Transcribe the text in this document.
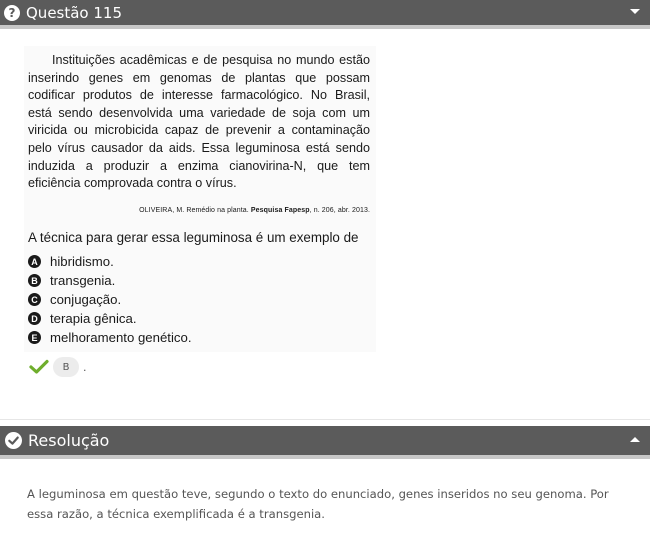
? Questão 115
Instituições acadêmicas e de pesquisa no mundo estão inserindo genes em genomas de plantas que possam codificar produtos de interesse farmacológico. No Brasil, está sendo desenvolvida uma variedade de soja com um viricida ou microbicida capaz de prevenir a contaminação pelo vírus causador da aids. Essa leguminosa está sendo induzida a produzir a enzima cianovirina-N, que tem eficiência comprovada contra o vírus.
OLIVEIRA, M. Remédio na planta. Pesquisa Fapesp, n. 206, abr. 2013.
A técnica para gerar essa leguminosa é um exemplo de
A hibridismo.
B transgenia.
C conjugação.
D terapia gênica.
E melhoramento genético.
B	.
Resolução
A leguminosa em questão teve, segundo o texto do enunciado, genes inseridos no seu genoma. Por essa razão, a técnica exemplificada é a transgenia.
